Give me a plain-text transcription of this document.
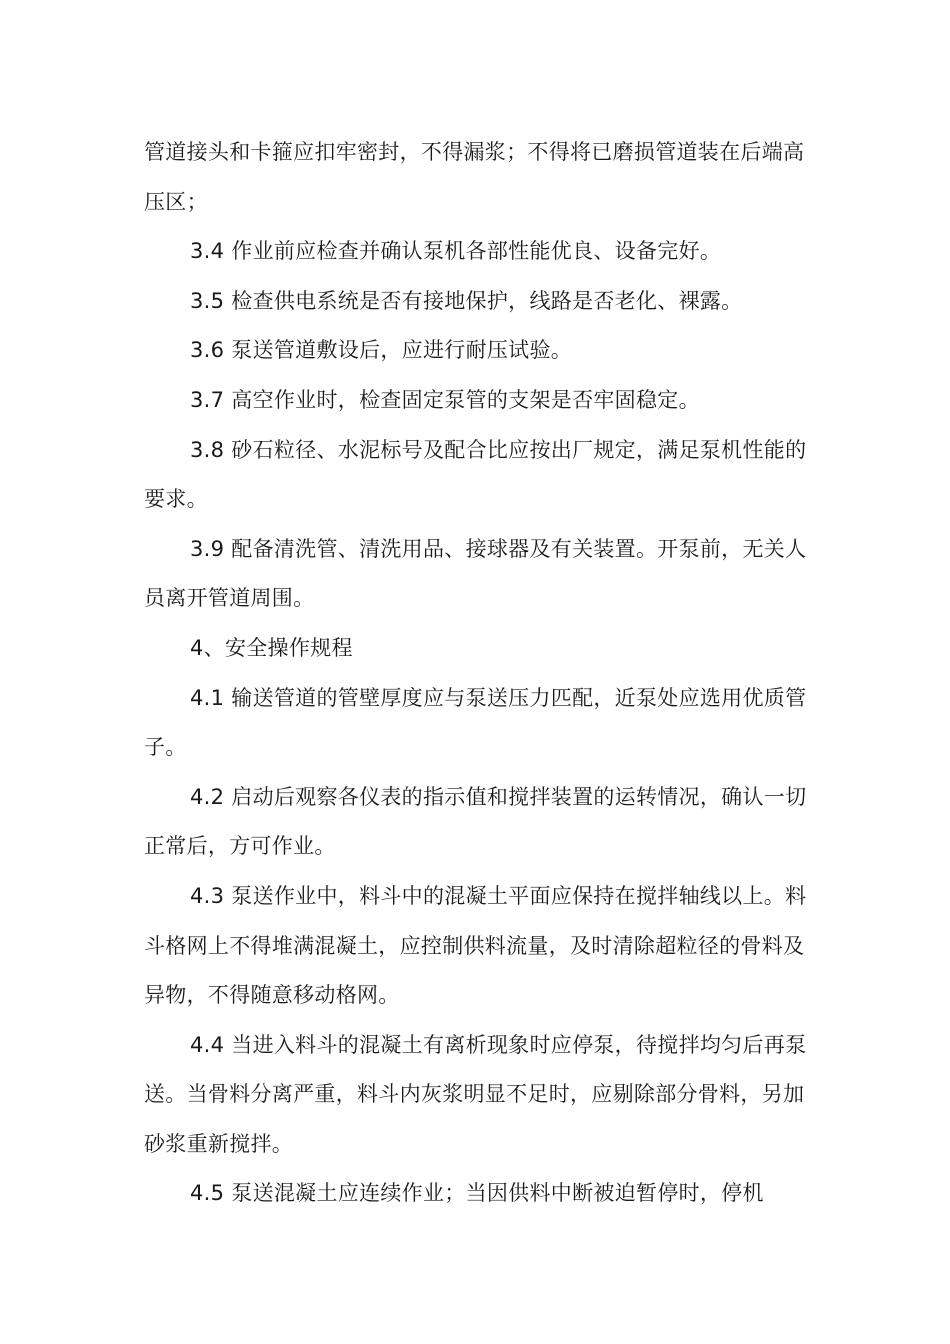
管道接头和卡箍应扣牢密封，不得漏浆；不得将已磨损管道装在后端高压区；

3.4 作业前应检查并确认泵机各部性能优良、设备完好。

3.5 检查供电系统是否有接地保护，线路是否老化、裸露。

3.6 泵送管道敷设后，应进行耐压试验。

3.7 高空作业时，检查固定泵管的支架是否牢固稳定。

3.8 砂石粒径、水泥标号及配合比应按出厂规定，满足泵机性能的要求。

3.9 配备清洗管、清洗用品、接球器及有关装置。开泵前，无关人员离开管道周围。

4、安全操作规程

4.1 输送管道的管壁厚度应与泵送压力匹配，近泵处应选用优质管子。

4.2 启动后观察各仪表的指示值和搅拌装置的运转情况，确认一切正常后，方可作业。

4.3 泵送作业中，料斗中的混凝土平面应保持在搅拌轴线以上。料斗格网上不得堆满混凝土，应控制供料流量，及时清除超粒径的骨料及异物，不得随意移动格网。

4.4 当进入料斗的混凝土有离析现象时应停泵，待搅拌均匀后再泵送。当骨料分离严重，料斗内灰浆明显不足时，应剔除部分骨料，另加砂浆重新搅拌。

4.5 泵送混凝土应连续作业；当因供料中断被迫暂停时，停机
